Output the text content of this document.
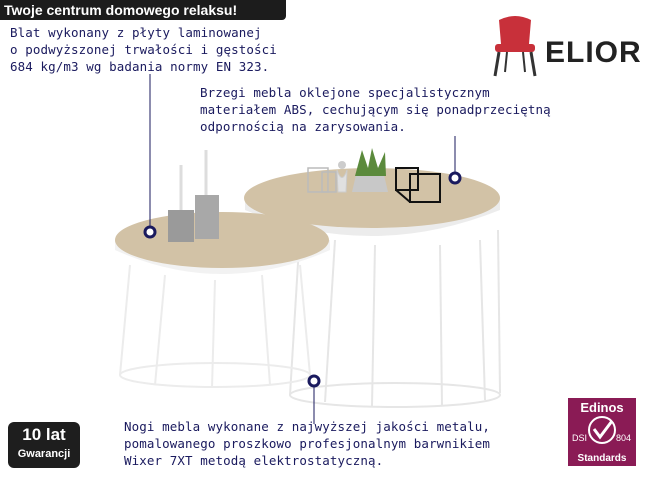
Twoje centrum domowego relaksu!
Blat wykonany z płyty laminowanej
o podwyższonej trwałości i gęstości
684 kg/m3 wg badania normy EN 323.
Brzegi mebla oklejone specjalistycznym
materiałem ABS, cechującym się ponadprzeciętną
odpornością na zarysowania.
Nogi mebla wykonane z najwyższej jakości metalu,
pomalowanego proszkowo profesjonalnym barwnikiem
Wixer 7XT metodą elektrostatyczną.
ELIOR
10 lat
Gwarancji
Edinos
DSI	804
Standards
